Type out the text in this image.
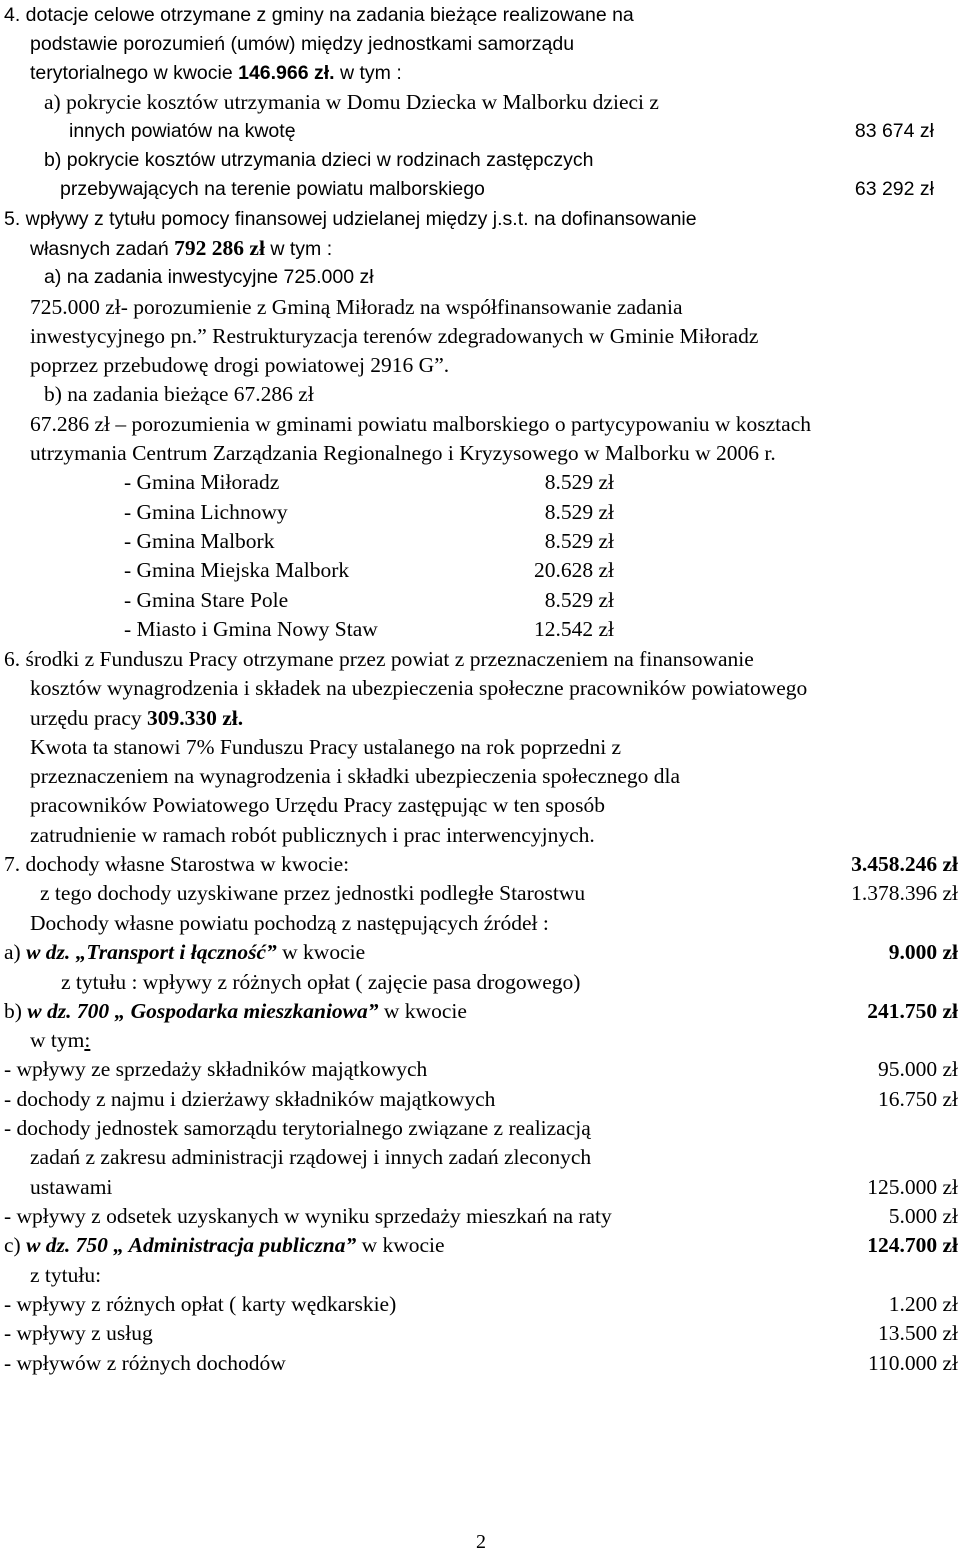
4. dotacje celowe otrzymane z gminy na zadania bieżące realizowane na
podstawie porozumień (umów) między jednostkami samorządu
terytorialnego w kwocie 146.966 zł. w tym :
a) pokrycie kosztów utrzymania w Domu Dziecka w Malborku dzieci z
innych powiatów na kwotę	83 674 zł
b) pokrycie kosztów utrzymania dzieci w rodzinach zastępczych
przebywających na terenie powiatu malborskiego	63 292 zł
5. wpływy z tytułu pomocy finansowej udzielanej między j.s.t. na dofinansowanie
własnych zadań 792 286 zł w tym :
a) na zadania inwestycyjne 725.000 zł
725.000 zł- porozumienie z Gminą Miłoradz na współfinansowanie zadania
inwestycyjnego pn.” Restrukturyzacja terenów zdegradowanych w Gminie Miłoradz
poprzez przebudowę drogi powiatowej 2916 G”.
b) na zadania bieżące 67.286 zł
67.286 zł – porozumienia w gminami powiatu malborskiego o partycypowaniu w kosztach
utrzymania Centrum Zarządzania Regionalnego i Kryzysowego w Malborku w 2006 r.
- Gmina Miłoradz	8.529 zł
- Gmina Lichnowy	8.529 zł
- Gmina Malbork	8.529 zł
- Gmina Miejska Malbork	20.628 zł
- Gmina Stare Pole	8.529 zł
- Miasto i Gmina Nowy Staw	12.542 zł
6. środki z Funduszu Pracy otrzymane przez powiat z przeznaczeniem na finansowanie
kosztów wynagrodzenia i składek na ubezpieczenia społeczne pracowników powiatowego
urzędu pracy 309.330 zł.
Kwota ta stanowi 7% Funduszu Pracy ustalanego na rok poprzedni z
przeznaczeniem na wynagrodzenia i składki ubezpieczenia społecznego dla
pracowników Powiatowego Urzędu Pracy zastępując w ten sposób
zatrudnienie w ramach robót publicznych i prac interwencyjnych.
7. dochody własne Starostwa w kwocie:	3.458.246 zł
z tego dochody uzyskiwane przez jednostki podległe Starostwu	1.378.396 zł
Dochody własne powiatu pochodzą z następujących źródeł :
a) w dz. „Transport i łączność” w kwocie	9.000 zł
z tytułu : wpływy z różnych opłat ( zajęcie pasa drogowego)
b) w dz. 700 „ Gospodarka mieszkaniowa” w kwocie	241.750 zł
w tym:
- wpływy ze sprzedaży składników majątkowych	95.000 zł
- dochody z najmu i dzierżawy składników majątkowych	16.750 zł
- dochody jednostek samorządu terytorialnego związane z realizacją
zadań z zakresu administracji rządowej i innych zadań zleconych
ustawami	125.000 zł
- wpływy z odsetek uzyskanych w wyniku sprzedaży mieszkań na raty	5.000 zł
c) w dz. 750 „ Administracja publiczna” w kwocie	124.700 zł
z tytułu:
- wpływy z różnych opłat ( karty wędkarskie)	1.200 zł
- wpływy z usług	13.500 zł
- wpływów z różnych dochodów	110.000 zł
2
